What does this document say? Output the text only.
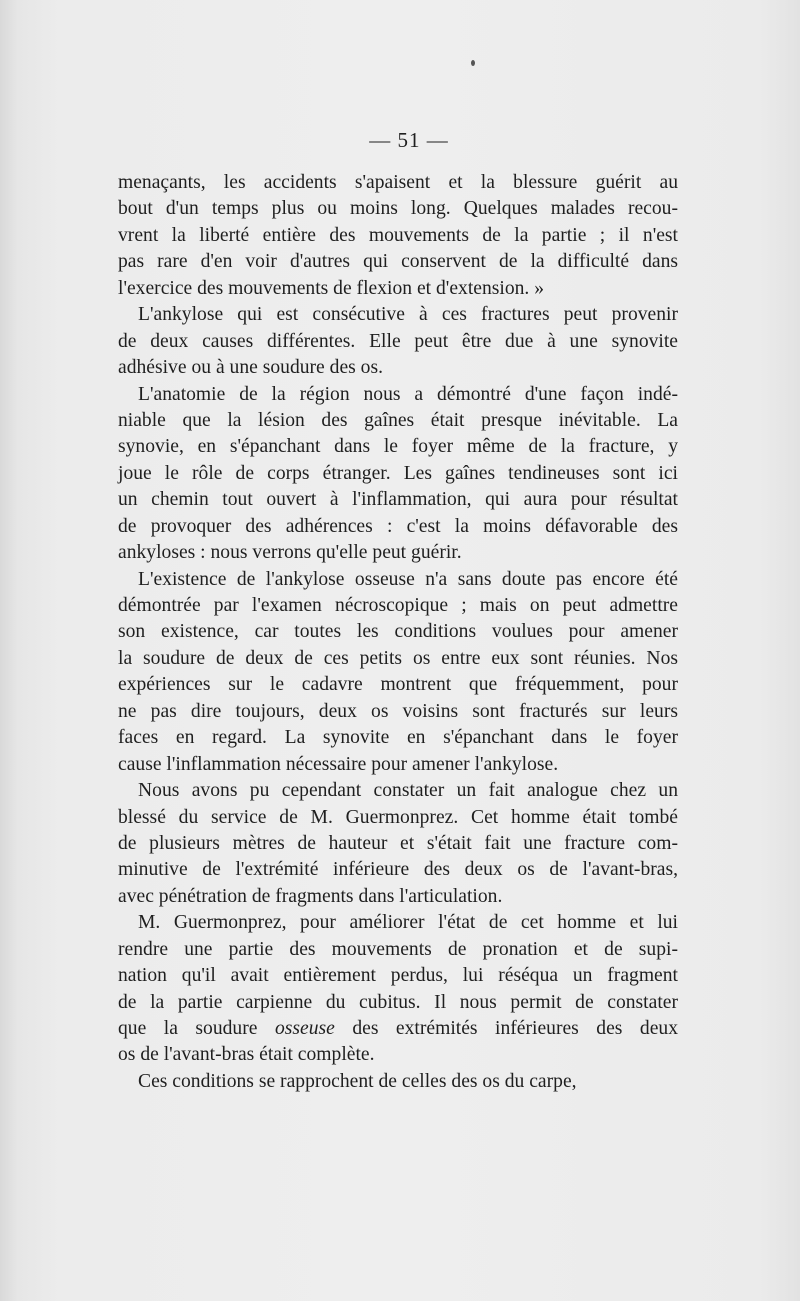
— 51 —
menaçants, les accidents s'apaisent et la blessure guérit au
bout d'un temps plus ou moins long. Quelques malades recou-
vrent la liberté entière des mouvements de la partie ; il n'est
pas rare d'en voir d'autres qui conservent de la difficulté dans
l'exercice des mouvements de flexion et d'extension. »
L'ankylose qui est consécutive à ces fractures peut provenir
de deux causes différentes. Elle peut être due à une synovite
adhésive ou à une soudure des os.
L'anatomie de la région nous a démontré d'une façon indé-
niable que la lésion des gaînes était presque inévitable. La
synovie, en s'épanchant dans le foyer même de la fracture, y
joue le rôle de corps étranger. Les gaînes tendineuses sont ici
un chemin tout ouvert à l'inflammation, qui aura pour résultat
de provoquer des adhérences : c'est la moins défavorable des
ankyloses : nous verrons qu'elle peut guérir.
L'existence de l'ankylose osseuse n'a sans doute pas encore été
démontrée par l'examen nécroscopique ; mais on peut admettre
son existence, car toutes les conditions voulues pour amener
la soudure de deux de ces petits os entre eux sont réunies. Nos
expériences sur le cadavre montrent que fréquemment, pour
ne pas dire toujours, deux os voisins sont fracturés sur leurs
faces en regard. La synovite en s'épanchant dans le foyer
cause l'inflammation nécessaire pour amener l'ankylose.
Nous avons pu cependant constater un fait analogue chez un
blessé du service de M. Guermonprez. Cet homme était tombé
de plusieurs mètres de hauteur et s'était fait une fracture com-
minutive de l'extrémité inférieure des deux os de l'avant-bras,
avec pénétration de fragments dans l'articulation.
M. Guermonprez, pour améliorer l'état de cet homme et lui
rendre une partie des mouvements de pronation et de supi-
nation qu'il avait entièrement perdus, lui réséqua un fragment
de la partie carpienne du cubitus. Il nous permit de constater
que la soudure osseuse des extrémités inférieures des deux
os de l'avant-bras était complète.
Ces conditions se rapprochent de celles des os du carpe,
